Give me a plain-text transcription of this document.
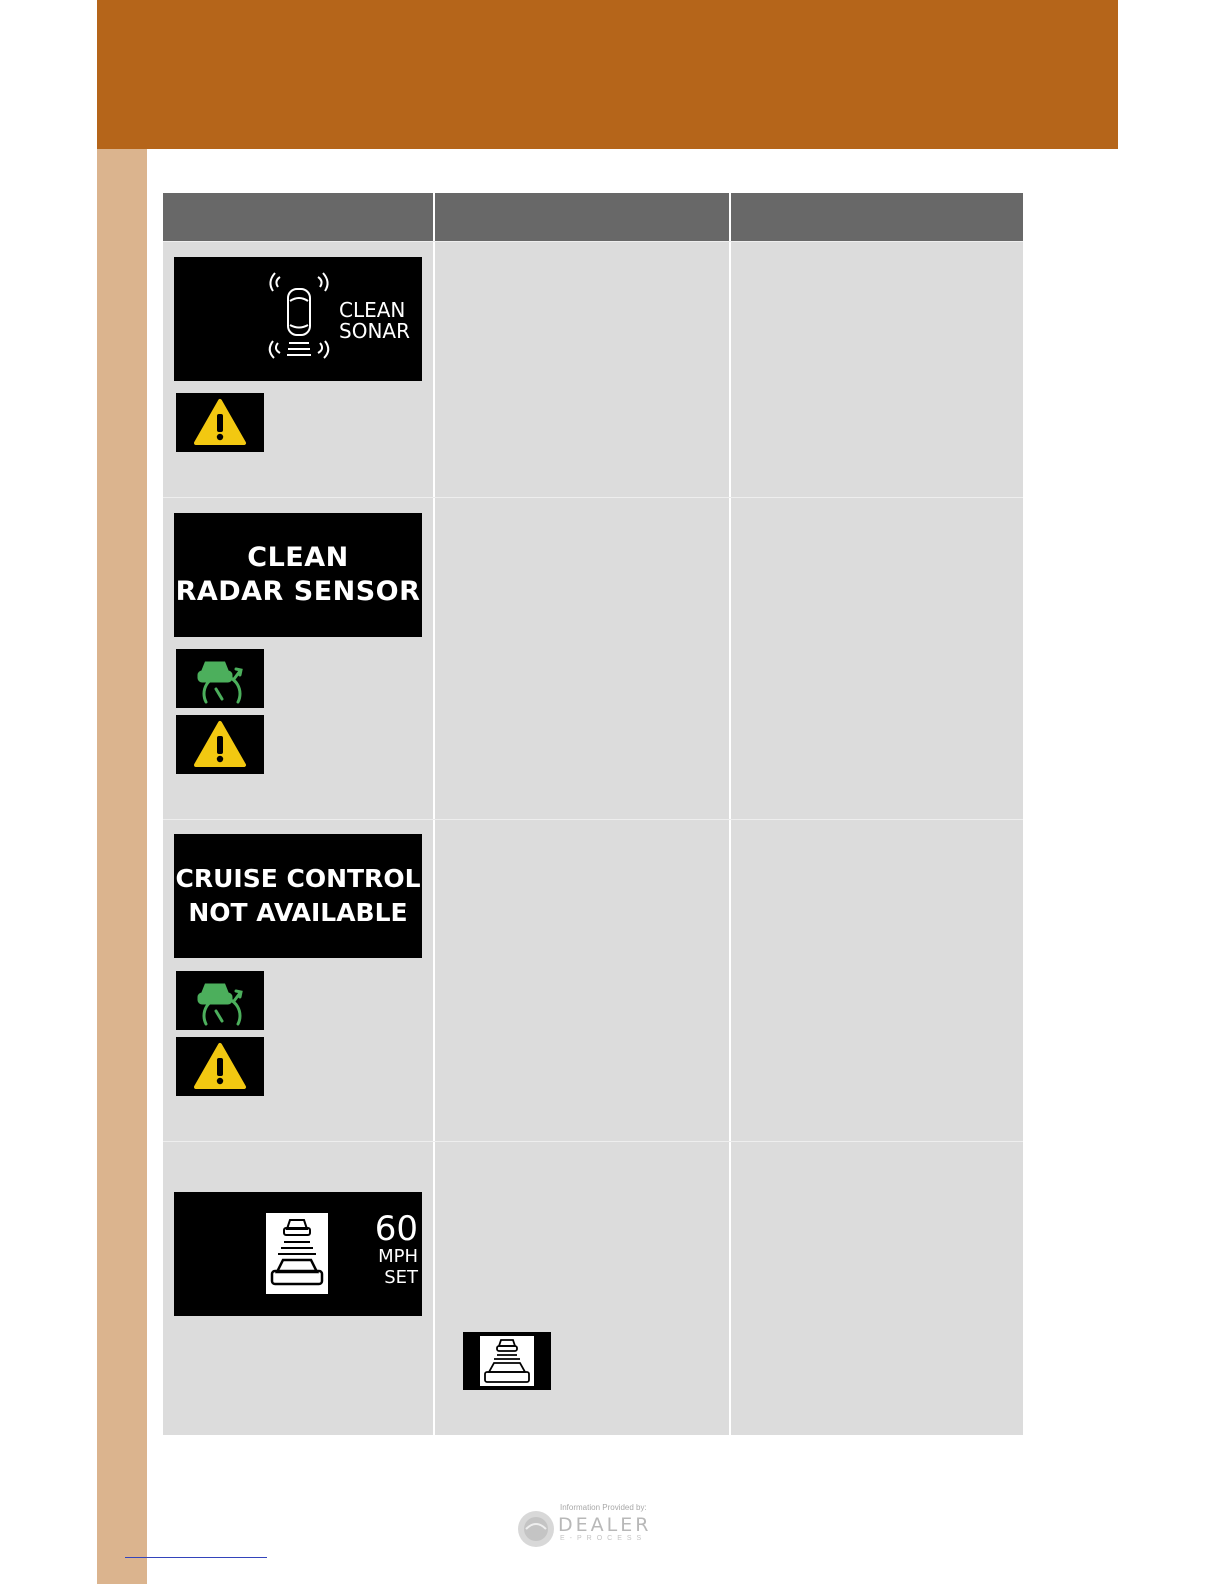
CLEAN
SONAR
CLEAN
RADAR SENSOR
CRUISE CONTROL
NOT AVAILABLE
60
MPH
SET
Information Provided by:
DEALER
E-PROCESS
